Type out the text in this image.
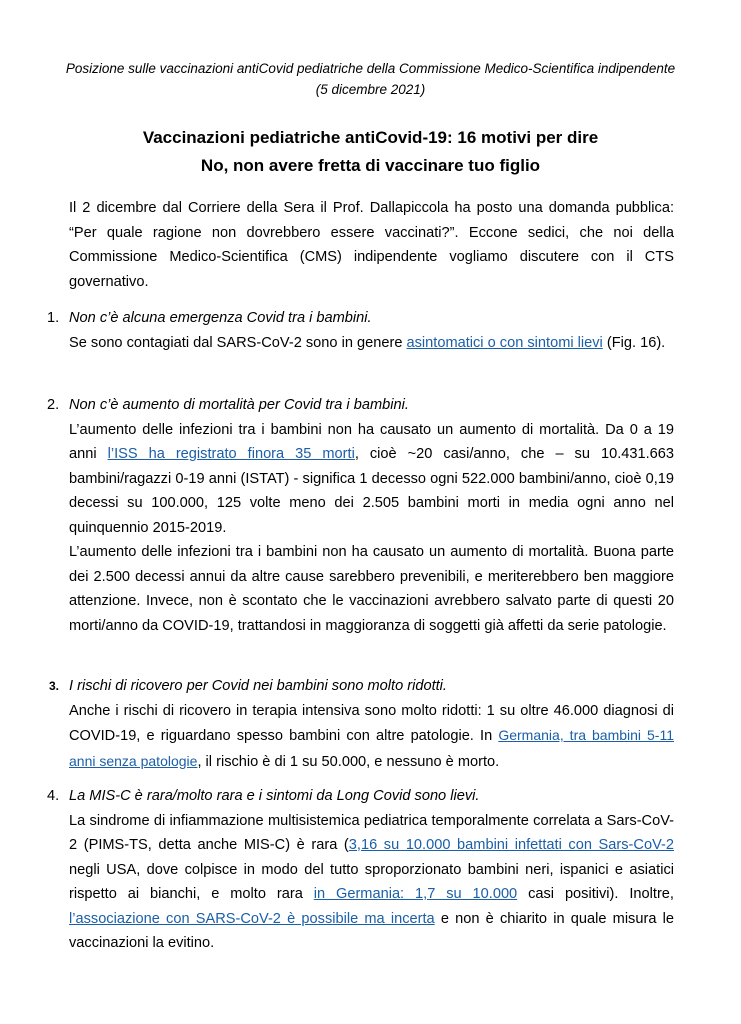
Posizione sulle vaccinazioni antiCovid pediatriche della Commissione Medico-Scientifica indipendente
(5 dicembre 2021)
Vaccinazioni pediatriche antiCovid-19: 16 motivi per dire
No, non avere fretta di vaccinare tuo figlio

Il 2 dicembre dal Corriere della Sera il Prof. Dallapiccola ha posto una domanda pubblica: “Per quale ragione non dovrebbero essere vaccinati?”. Eccone sedici, che noi della Commissione Medico-Scientifica (CMS) indipendente vogliamo discutere con il CTS governativo.

1. Non c’è alcuna emergenza Covid tra i bambini.

Se sono contagiati dal SARS-CoV-2 sono in genere asintomatici o con sintomi lievi (Fig. 16).

2. Non c’è aumento di mortalità per Covid tra i bambini.

L’aumento delle infezioni tra i bambini non ha causato un aumento di mortalità. Da 0 a 19 anni l’ISS ha registrato finora 35 morti, cioè ~20 casi/anno, che – su 10.431.663 bambini/ragazzi 0-19 anni (ISTAT) - significa 1 decesso ogni 522.000 bambini/anno, cioè 0,19 decessi su 100.000, 125 volte meno dei 2.505 bambini morti in media ogni anno nel quinquennio 2015-2019.

L’aumento delle infezioni tra i bambini non ha causato un aumento di mortalità. Buona parte dei 2.500 decessi annui da altre cause sarebbero prevenibili, e meriterebbero ben maggiore attenzione. Invece, non è scontato che le vaccinazioni avrebbero salvato parte di questi 20 morti/anno da COVID-19, trattandosi in maggioranza di soggetti già affetti da serie patologie.

3. I rischi di ricovero per Covid nei bambini sono molto ridotti.

Anche i rischi di ricovero in terapia intensiva sono molto ridotti: 1 su oltre 46.000 diagnosi di COVID-19, e riguardano spesso bambini con altre patologie. In Germania, tra bambini 5-11 anni senza patologie, il rischio è di 1 su 50.000, e nessuno è morto.

4. La MIS-C è rara/molto rara e i sintomi da Long Covid sono lievi.

La sindrome di infiammazione multisistemica pediatrica temporalmente correlata a Sars-CoV-2 (PIMS-TS, detta anche MIS-C) è rara (3,16 su 10.000 bambini infettati con Sars-CoV-2 negli USA, dove colpisce in modo del tutto sproporzionato bambini neri, ispanici e asiatici rispetto ai bianchi, e molto rara in Germania: 1,7 su 10.000 casi positivi). Inoltre, l’associazione con SARS-CoV-2 è possibile ma incerta e non è chiarito in quale misura le vaccinazioni la evitino.
